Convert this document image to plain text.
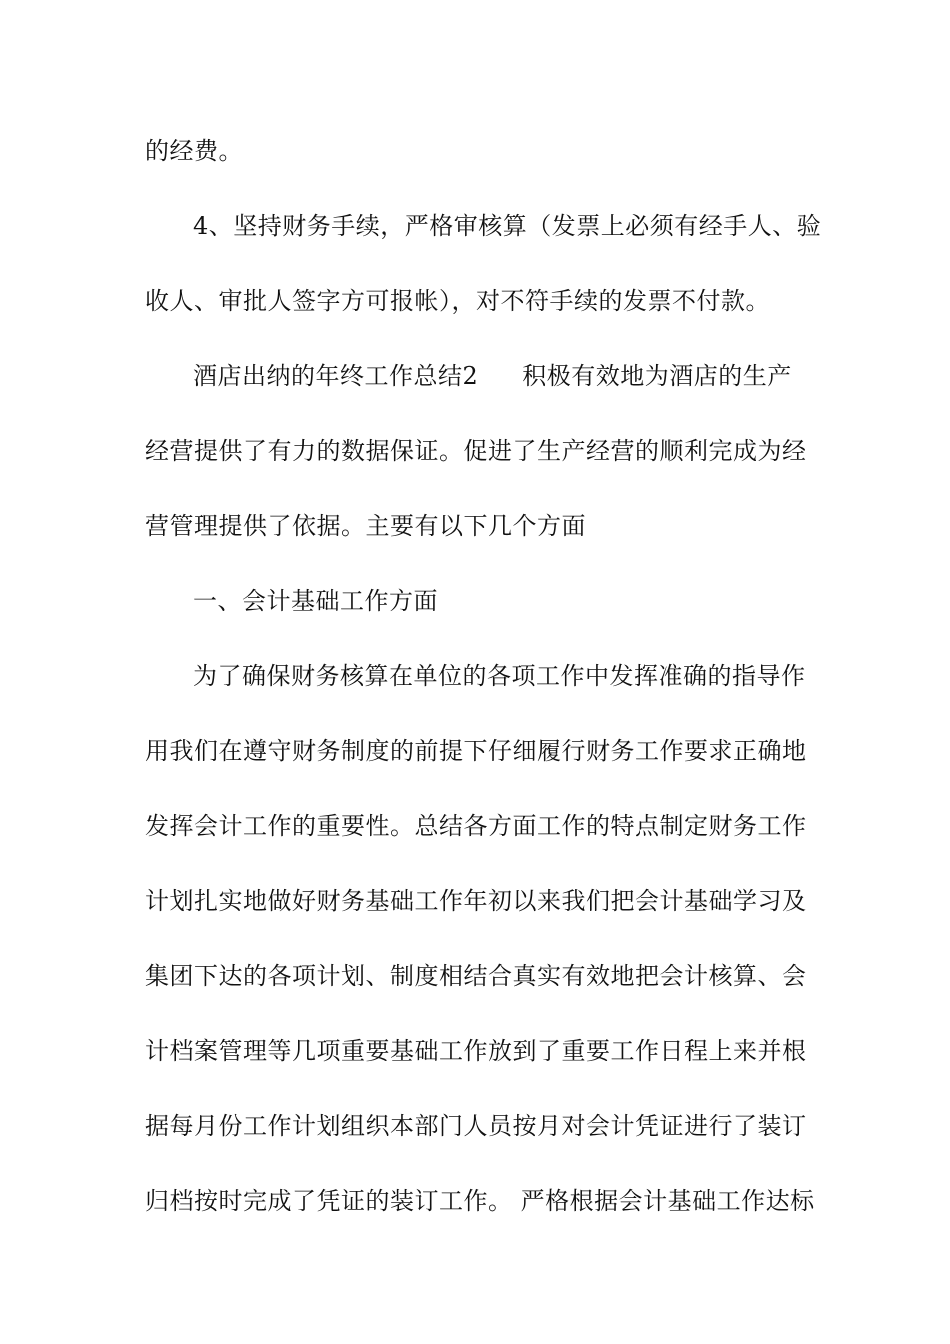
的经费。
4、坚持财务手续，严格审核算（发票上必须有经手人、验
收人、审批人签字方可报帐），对不符手续的发票不付款。
酒店出纳的年终工作总结2 积极有效地为酒店的生产
经营提供了有力的数据保证。促进了生产经营的顺利完成为经
营管理提供了依据。主要有以下几个方面
一、会计基础工作方面
为了确保财务核算在单位的各项工作中发挥准确的指导作
用我们在遵守财务制度的前提下仔细履行财务工作要求正确地
发挥会计工作的重要性。总结各方面工作的特点制定财务工作
计划扎实地做好财务基础工作年初以来我们把会计基础学习及
集团下达的各项计划、制度相结合真实有效地把会计核算、会
计档案管理等几项重要基础工作放到了重要工作日程上来并根
据每月份工作计划组织本部门人员按月对会计凭证进行了装订
归档按时完成了凭证的装订工作。 严格根据会计基础工作达标
